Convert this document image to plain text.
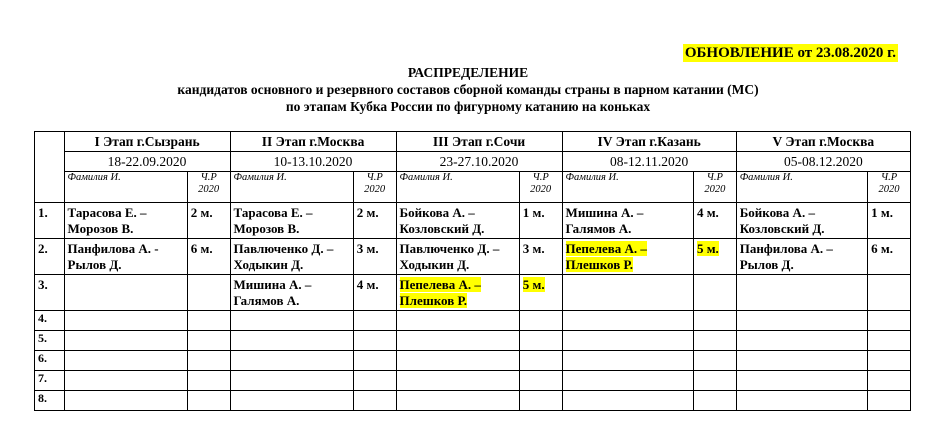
ОБНОВЛЕНИЕ от 23.08.2020 г.
РАСПРЕДЕЛЕНИЕ
кандидатов основного и резервного составов сборной команды страны в парном катании (МС)
по этапам Кубка России по фигурному катанию на коньках
	I Этап г.Сызрань		II Этап г.Москва		III Этап г.Сочи		IV Этап г.Казань		V Этап г.Москва	
	18-22.09.2020		10-13.10.2020		23-27.10.2020		08-12.11.2020		05-08.12.2020	
	Фамилия И.	Ч.Р
2020	Фамилия И.	Ч.Р
2020	Фамилия И.	Ч.Р
2020	Фамилия И.	Ч.Р
2020	Фамилия И.	Ч.Р
2020

1.	Тарасова Е. –
Морозов В.	2 м.	Тарасова Е. –
Морозов В.	2 м.	Бойкова А. –
Козловский Д.	1 м.	Мишина А. –
Галямов А.	4 м.	Бойкова А. –
Козловский Д.	1 м.
2.	Панфилова А. -
Рылов Д.	6 м.	Павлюченко Д. –
Ходыкин Д.	3 м.	Павлюченко Д. –
Ходыкин Д.	3 м.	Пепелева А. –
Плешков Р.	5 м.	Панфилова А. –
Рылов Д.	6 м.
3.			Мишина А. –
Галямов А.	4 м.	Пепелева А. –
Плешков Р.	5 м.	

4.										
5.										
6.										
7.										
8.										
